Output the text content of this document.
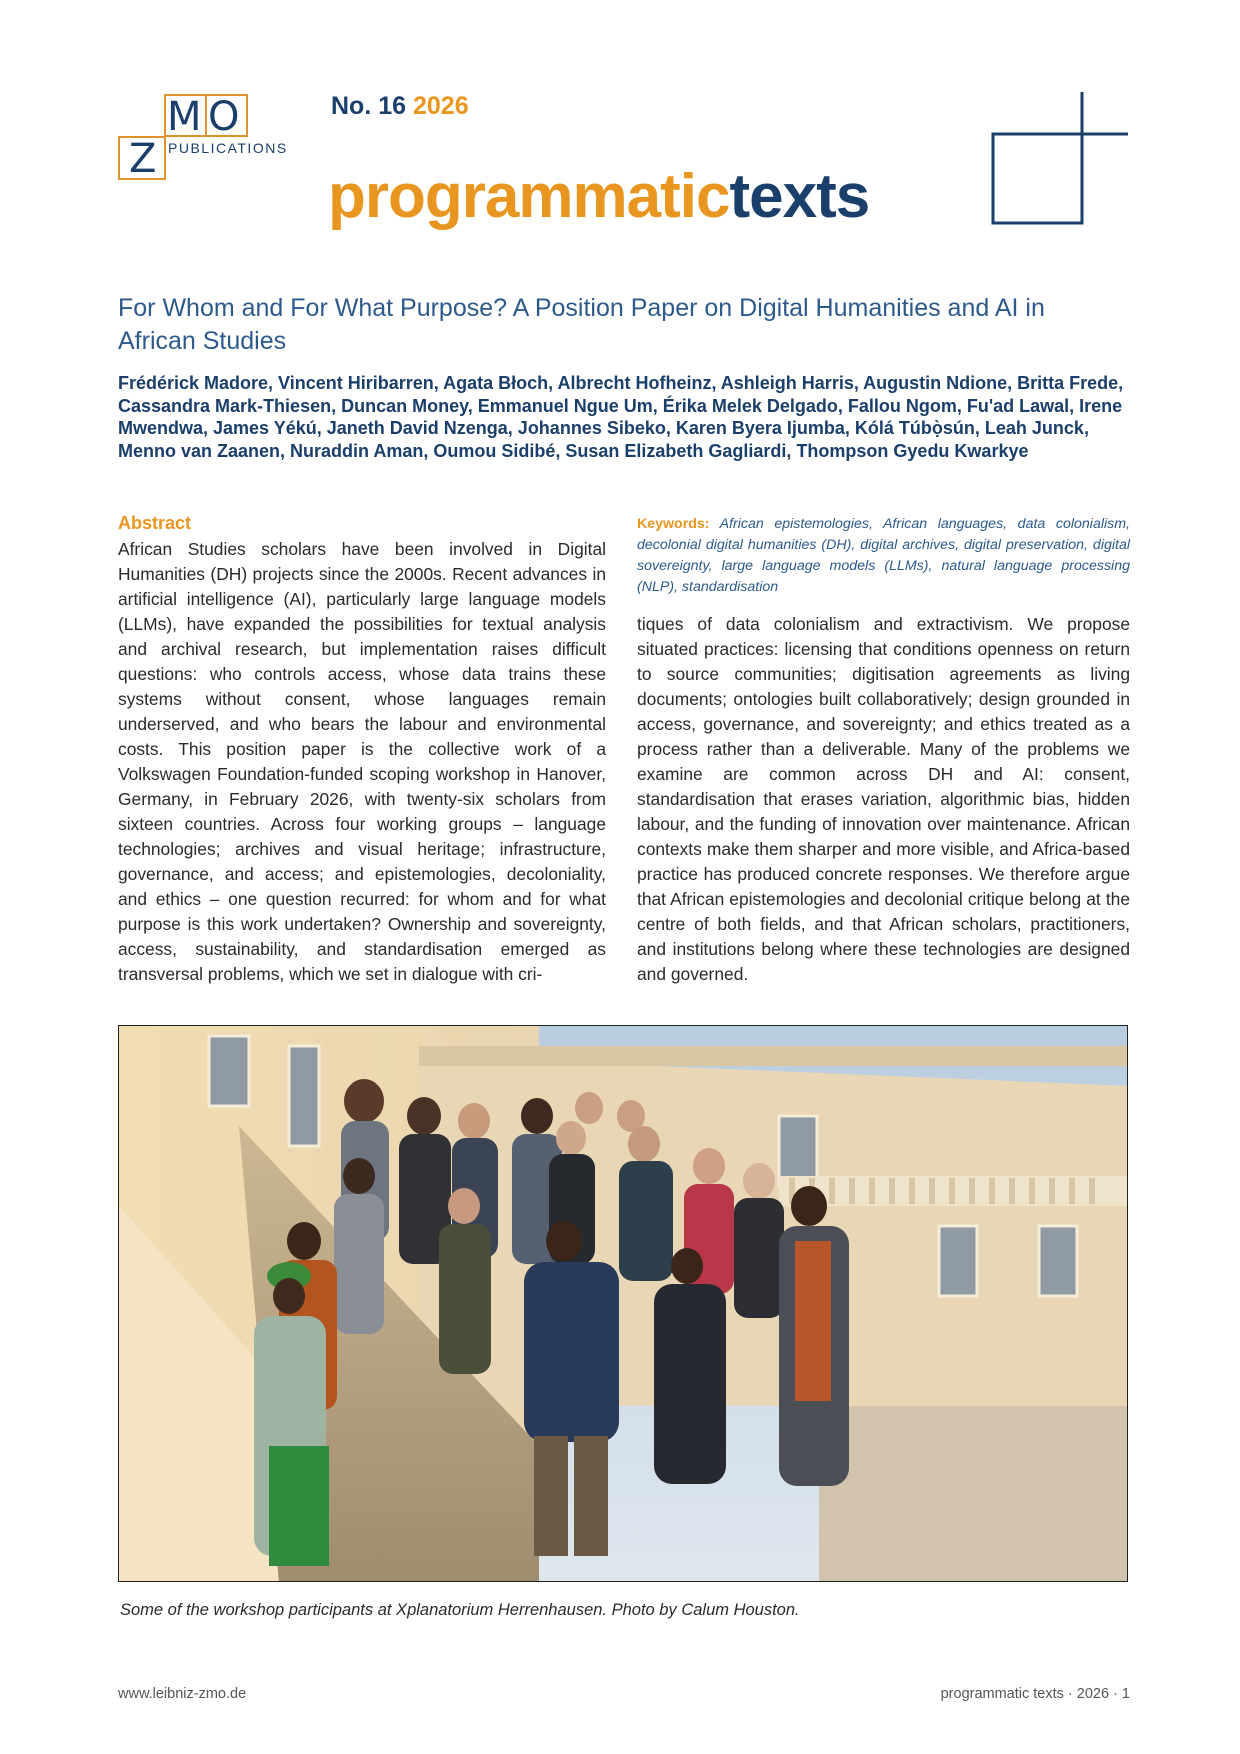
M O
Z PUBLICATIONS
No. 16 2026
programmatictexts
For Whom and For What Purpose? A Position Paper on Digital Humanities and AI in African Studies
Frédérick Madore, Vincent Hiribarren, Agata Błoch, Albrecht Hofheinz, Ashleigh Harris, Augustin Ndione, Britta Frede, Cassandra Mark-Thiesen, Duncan Money, Emmanuel Ngue Um, Érika Melek Delgado, Fallou Ngom, Fu'ad Lawal, Irene Mwendwa, James Yékú, Janeth David Nzenga, Johannes Sibeko, Karen Byera Ijumba, Kólá Túbọ̀sún, Leah Junck, Menno van Zaanen, Nuraddin Aman, Oumou Sidibé, Susan Elizabeth Gagliardi, Thompson Gyedu Kwarkye
Abstract
African Studies scholars have been involved in Digital Humanities (DH) projects since the 2000s. Recent advances in artificial intelligence (AI), particularly large language models (LLMs), have expanded the possibilities for textual analysis and archival research, but implementation raises difficult questions: who controls access, whose data trains these systems without consent, whose languages remain underserved, and who bears the labour and environmental costs. This position paper is the collective work of a Volkswagen Foundation-funded scoping workshop in Hanover, Germany, in February 2026, with twenty-six scholars from sixteen countries. Across four working groups – language technologies; archives and visual heritage; infrastructure, governance, and access; and epistemologies, decoloniality, and ethics – one question recurred: for whom and for what purpose is this work undertaken? Ownership and sovereignty, access, sustainability, and standardisation emerged as transversal problems, which we set in dialogue with cri-
Keywords: African epistemologies, African languages, data colonialism, decolonial digital humanities (DH), digital archives, digital preservation, digital sovereignty, large language models (LLMs), natural language processing (NLP), standardisation
tiques of data colonialism and extractivism. We propose situated practices: licensing that conditions openness on return to source communities; digitisation agreements as living documents; ontologies built collaboratively; design grounded in access, governance, and sovereignty; and ethics treated as a process rather than a deliverable. Many of the problems we examine are common across DH and AI: consent, standardisation that erases variation, algorithmic bias, hidden labour, and the funding of innovation over maintenance. African contexts make them sharper and more visible, and Africa-based practice has produced concrete responses. We therefore argue that African epistemologies and decolonial critique belong at the centre of both fields, and that African scholars, practitioners, and institutions belong where these technologies are designed and governed.
Some of the workshop participants at Xplanatorium Herrenhausen. Photo by Calum Houston.
www.leibniz-zmo.de	programmatic texts · 2026 · 1
